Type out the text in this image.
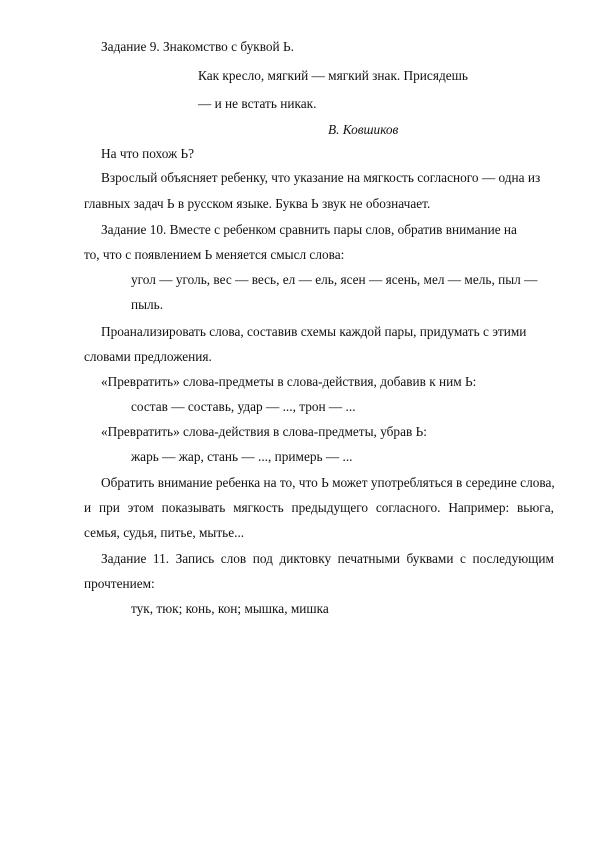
Задание 9. Знакомство с буквой Ь.
Как кресло, мягкий — мягкий знак. Присядешь
— и не встать никак.
В. Ковшиков
На что похож Ь?
Взрослый объясняет ребенку, что указание на мягкость согласного — одна из
главных задач Ь в русском языке. Буква Ь звук не обозначает.
Задание 10. Вместе с ребенком сравнить пары слов, обратив внимание на
то, что с появлением Ь меняется смысл слова:
угол — уголь, вес — весь, ел — ель, ясен — ясень, мел — мель, пыл —
пыль.
Проанализировать слова, составив схемы каждой пары, придумать с этими
словами предложения.
«Превратить» слова-предметы в слова-действия, добавив к ним Ь:
состав — составь, удар — ..., трон — ...
«Превратить» слова-действия в слова-предметы, убрав Ь:
жарь — жар, стань — ..., примерь — ...
Обратить внимание ребенка на то, что Ь может употребляться в середине слова,
и при этом показывать мягкость предыдущего согласного. Например: вьюга,
семья, судья, питье, мытье...
Задание 11. Запись слов под диктовку печатными буквами с последующим
прочтением:
тук, тюк; конь, кон; мышка, мишка
